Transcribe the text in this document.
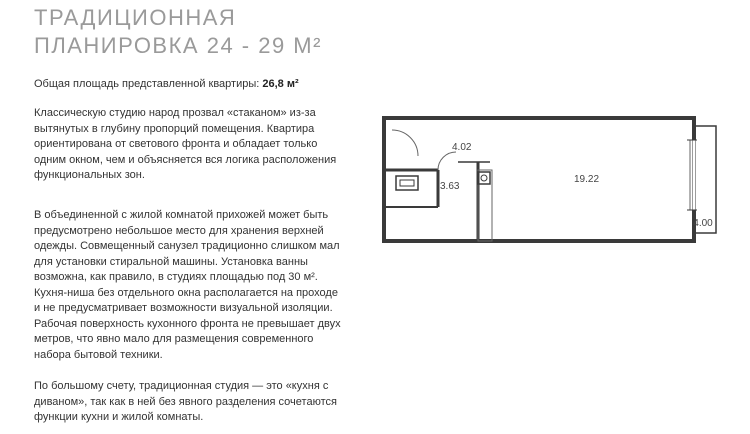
ТРАДИЦИОННАЯ
ПЛАНИРОВКА 24 - 29 М²
Общая площадь представленной квартиры: 26,8 м²

Классическую студию народ прозвал «стаканом» из-за вытянутых в глубину пропорций помещения. Квартира ориентирована от светового фронта и обладает только одним окном, чем и объясняется вся логика расположения функциональных зон.

В объединенной с жилой комнатой прихожей может быть предусмотрено небольшое место для хранения верхней одежды. Совмещенный санузел традиционно слишком мал для установки стиральной машины. Установка ванны возможна, как правило, в студиях площадью под 30 м². Кухня-ниша без отдельного окна располагается на проходе и не предусматривает возможности визуальной изоляции. Рабочая поверхность кухонного фронта не превышает двух метров, что явно мало для размещения современного набора бытовой техники.

По большому счету, традиционная студия — это «кухня с диваном», так как в ней без явного разделения сочетаются функции кухни и жилой комнаты.

4.02
3.63
19.22
4.00
